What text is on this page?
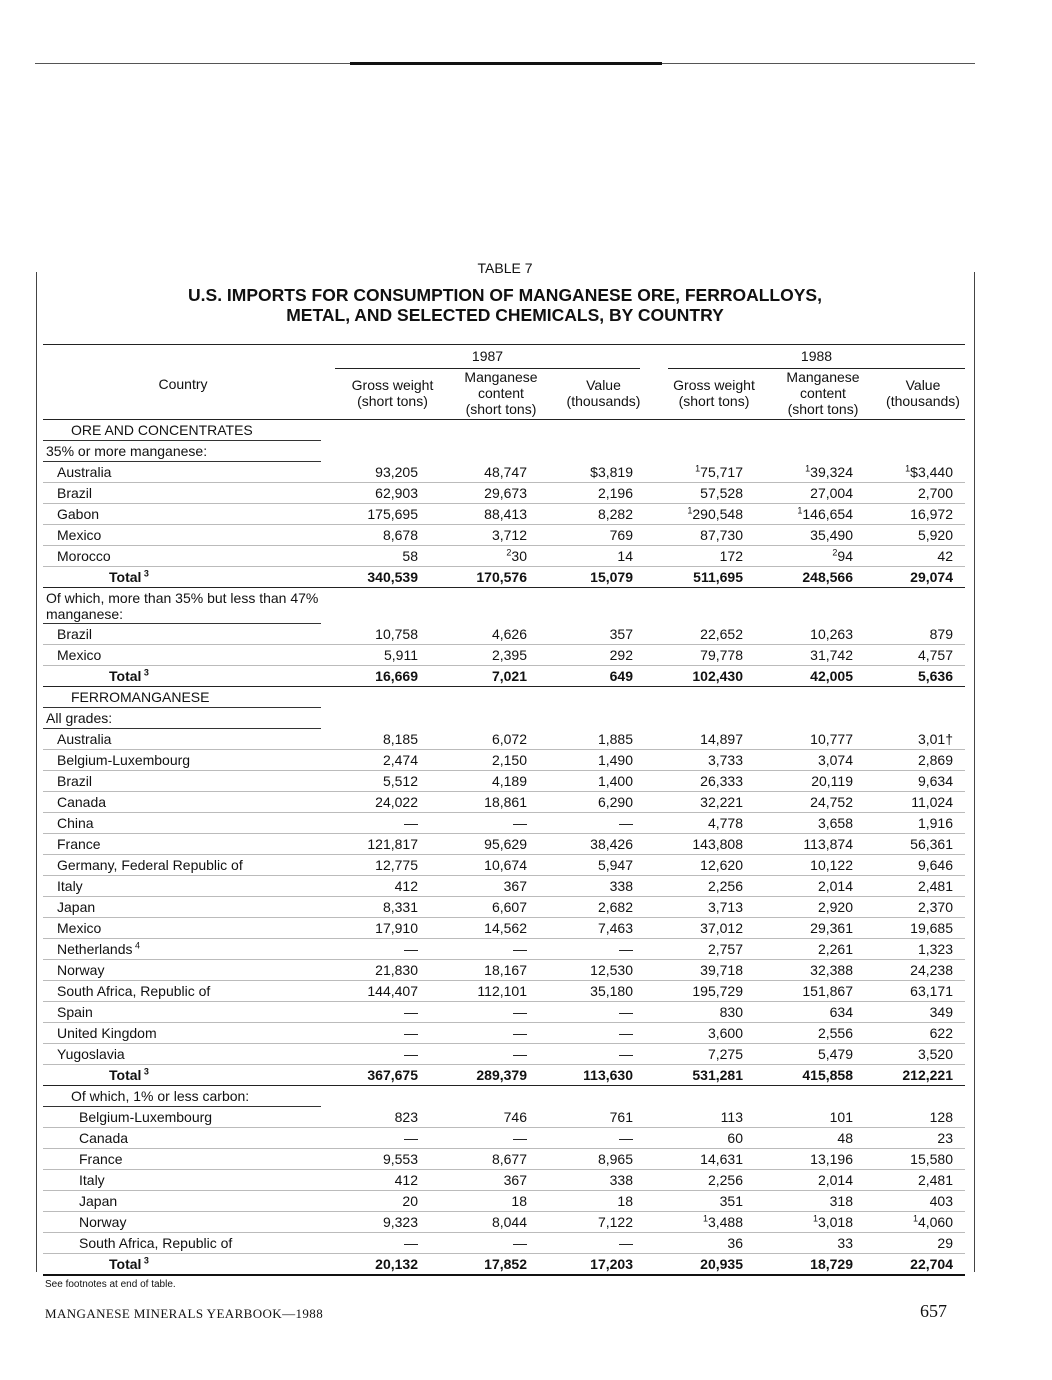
TABLE 7
U.S. IMPORTS FOR CONSUMPTION OF MANGANESE ORE, FERROALLOYS,
METAL, AND SELECTED CHEMICALS, BY COUNTRY
Country
1987	1988
Gross weight
(short tons)
Manganese
content
(short tons)
Value
(thousands)
Gross weight
(short tons)
Manganese
content
(short tons)
Value
(thousands)
ORE AND CONCENTRATES
35% or more manganese:
Australia	93,205	48,747	$3,819	$^1$75,717	$^1$39,324	$^1$\$3,440
Brazil	62,903	29,673	2,196	57,528	27,004	2,700
Gabon	175,695	88,413	8,282	$^1$290,548	$^1$146,654	16,972
Mexico	8,678	3,712	769	87,730	35,490	5,920
Morocco	58	$^2$30	14	172	$^2$94	42
Total $^3$	340,539	170,576	15,079	511,695	248,566	29,074
Of which, more than 35% but less than 47% manganese:
Brazil	10,758	4,626	357	22,652	10,263	879
Mexico	5,911	2,395	292	79,778	31,742	4,757
Total $^3$	16,669	7,021	649	102,430	42,005	5,636
FERROMANGANESE
All grades:
Australia	8,185	6,072	1,885	14,897	10,777	3,01†
Belgium-Luxembourg	2,474	2,150	1,490	3,733	3,074	2,869
Brazil	5,512	4,189	1,400	26,333	20,119	9,634
Canada	24,022	18,861	6,290	32,221	24,752	11,024
China	—	—	—	4,778	3,658	1,916
France	121,817	95,629	38,426	143,808	113,874	56,361
Germany, Federal Republic of	12,775	10,674	5,947	12,620	10,122	9,646
Italy	412	367	338	2,256	2,014	2,481
Japan	8,331	6,607	2,682	3,713	2,920	2,370
Mexico	17,910	14,562	7,463	37,012	29,361	19,685
Netherlands $^4$	—	—	—	2,757	2,261	1,323
Norway	21,830	18,167	12,530	39,718	32,388	24,238
South Africa, Republic of	144,407	112,101	35,180	195,729	151,867	63,171
Spain	—	—	—	830	634	349
United Kingdom	—	—	—	3,600	2,556	622
Yugoslavia	—	—	—	7,275	5,479	3,520
Total $^3$	367,675	289,379	113,630	531,281	415,858	212,221
Of which, 1% or less carbon:
Belgium-Luxembourg	823	746	761	113	101	128
Canada	—	—	—	60	48	23
France	9,553	8,677	8,965	14,631	13,196	15,580
Italy	412	367	338	2,256	2,014	2,481
Japan	20	18	18	351	318	403
Norway	9,323	8,044	7,122	$^1$3,488	$^1$3,018	$^1$4,060
South Africa, Republic of	—	—	—	36	33	29
Total $^3$	20,132	17,852	17,203	20,935	18,729	22,704
See footnotes at end of table.
MANGANESE MINERALS YEARBOOK—1988	657
